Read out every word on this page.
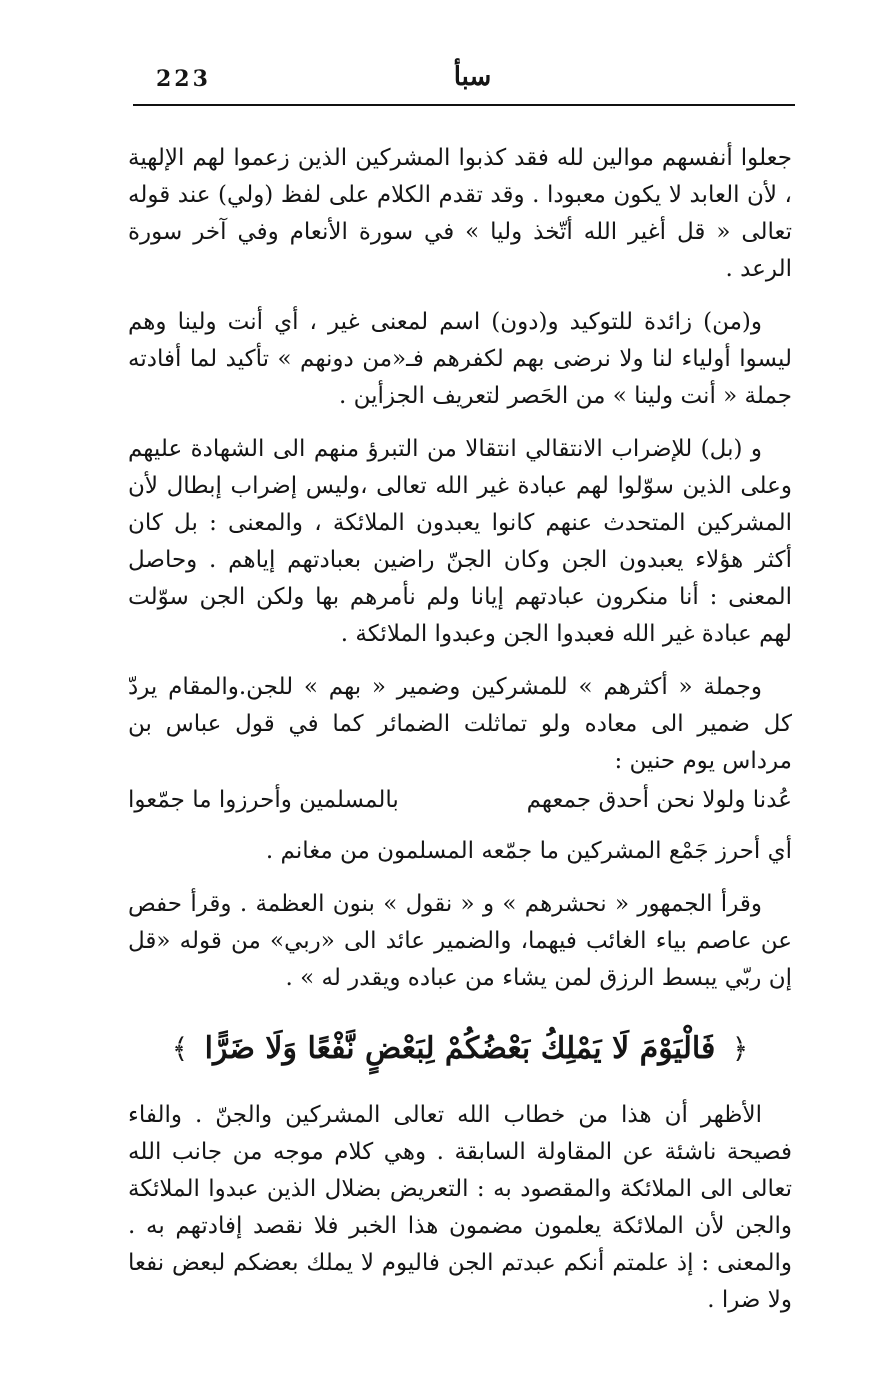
223	سبأ

جعلوا أنفسهم موالين لله فقد كذبوا المشركين الذين زعموا لهم الإلهية ، لأن العابد لا يكون معبودا . وقد تقدم الكلام على لفظ (ولي) عند قوله تعالى « قل أغير الله أتّخذ وليا » في سورة الأنعام وفي آخر سورة الرعد .

و(من) زائدة للتوكيد و(دون) اسم لمعنى غير ، أي أنت ولينا وهم ليسوا أولياء لنا ولا نرضى بهم لكفرهم فـ«من دونهم » تأكيد لما أفادته جملة « أنت ولينا » من الحَصر لتعريف الجزأين .

و (بل) للإضراب الانتقالي انتقالا من التبرؤ منهم الى الشهادة عليهم وعلى الذين سوّلوا لهم عبادة غير الله تعالى ،وليس إضراب إبطال لأن المشركين المتحدث عنهم كانوا يعبدون الملائكة ، والمعنى : بل كان أكثر هؤلاء يعبدون الجن وكان الجنّ راضين بعبادتهم إياهم . وحاصل المعنى : أنا منكرون عبادتهم إيانا ولم نأمرهم بها ولكن الجن سوّلت لهم عبادة غير الله فعبدوا الجن وعبدوا الملائكة .

وجملة « أكثرهم » للمشركين وضمير « بهم » للجن.والمقام يردّ كل ضمير الى معاده ولو تماثلت الضمائر كما في قول عباس بن مرداس يوم حنين :

عُدنا ولولا نحن أحدق جمعهم
بالمسلمين وأحرزوا ما جمّعوا

أي أحرز جَمْع المشركين ما جمّعه المسلمون من مغانم .

وقرأ الجمهور « نحشرهم » و « نقول » بنون العظمة . وقرأ حفص عن عاصم بياء الغائب فيهما، والضمير عائد الى «ربي» من قوله «قل إن ربّي يبسط الرزق لمن يشاء من عباده ويقدر له » .

﴿ فَالْيَوْمَ لَا يَمْلِكُ بَعْضُكُمْ لِبَعْضٍ نَّفْعًا وَلَا ضَرًّا ﴾

الأظهر أن هذا من خطاب الله تعالى المشركين والجنّ . والفاء فصيحة ناشئة عن المقاولة السابقة . وهي كلام موجه من جانب الله تعالى الى الملائكة والمقصود به : التعريض بضلال الذين عبدوا الملائكة والجن لأن الملائكة يعلمون مضمون هذا الخبر فلا نقصد إفادتهم به . والمعنى : إذ علمتم أنكم عبدتم الجن فاليوم لا يملك بعضكم لبعض نفعا ولا ضرا .
